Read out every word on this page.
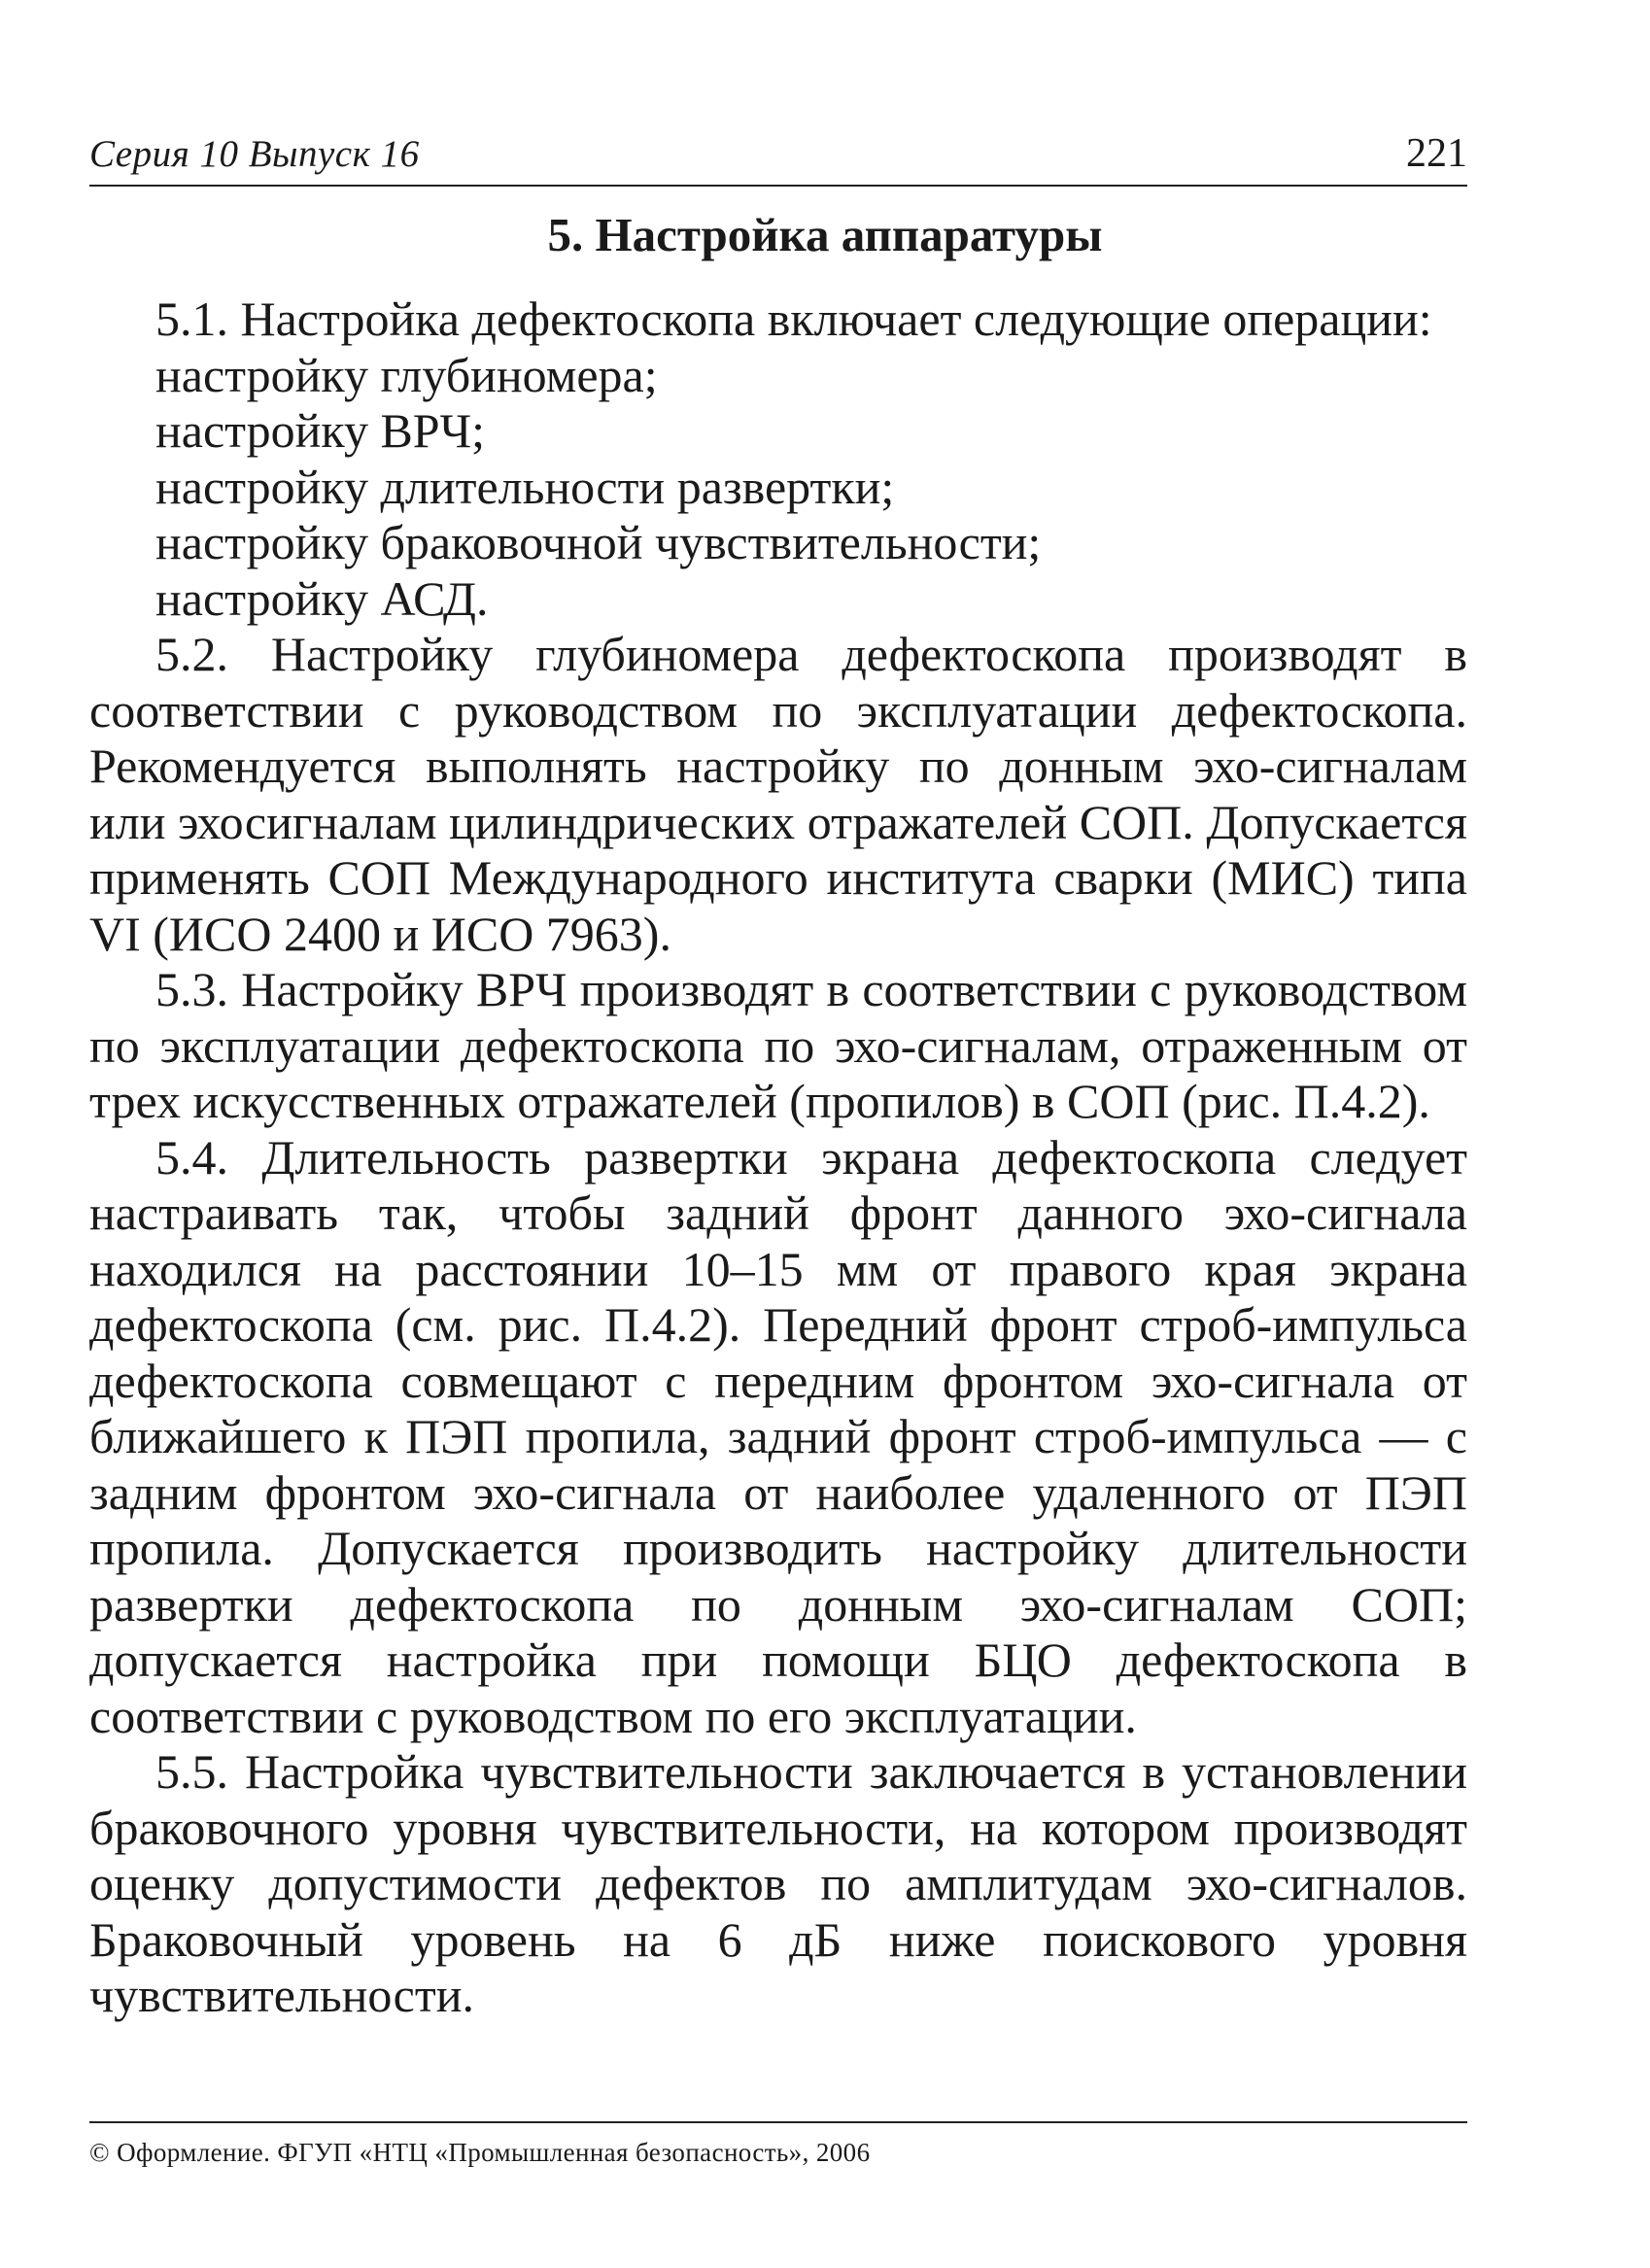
Серия 10 Выпуск 16	221
5. Настройка аппаратуры

5.1. Настройка дефектоскопа включает следующие операции:

настройку глубиномера;
настройку ВРЧ;
настройку длительности развертки;
настройку браковочной чувствительности;
настройку АСД.

5.2. Настройку глубиномера дефектоскопа производят в соответствии с руководством по эксплуатации дефектоскопа. Рекомендуется выполнять настройку по донным эхо-сигналам или эхосигналам цилиндрических отражателей СОП. Допускается применять СОП Международного института сварки (МИС) типа VI (ИСО 2400 и ИСО 7963).

5.3. Настройку ВРЧ производят в соответствии с руководством по эксплуатации дефектоскопа по эхо-сигналам, отраженным от трех искусственных отражателей (пропилов) в СОП (рис. П.4.2).

5.4. Длительность развертки экрана дефектоскопа следует настраивать так, чтобы задний фронт данного эхо-сигнала находился на расстоянии 10–15 мм от правого края экрана дефектоскопа (см. рис. П.4.2). Передний фронт строб-импульса дефектоскопа совмещают с передним фронтом эхо-сигнала от ближайшего к ПЭП пропила, задний фронт строб-импульса — с задним фронтом эхо-сигнала от наиболее удаленного от ПЭП пропила. Допускается производить настройку длительности развертки дефектоскопа по донным эхо-сигналам СОП; допускается настройка при помощи БЦО дефектоскопа в соответствии с руководством по его эксплуатации.

5.5. Настройка чувствительности заключается в установлении браковочного уровня чувствительности, на котором производят оценку допустимости дефектов по амплитудам эхо-сигналов. Браковочный уровень на 6 дБ ниже поискового уровня чувствительности.

© Оформление. ФГУП «НТЦ «Промышленная безопасность», 2006
